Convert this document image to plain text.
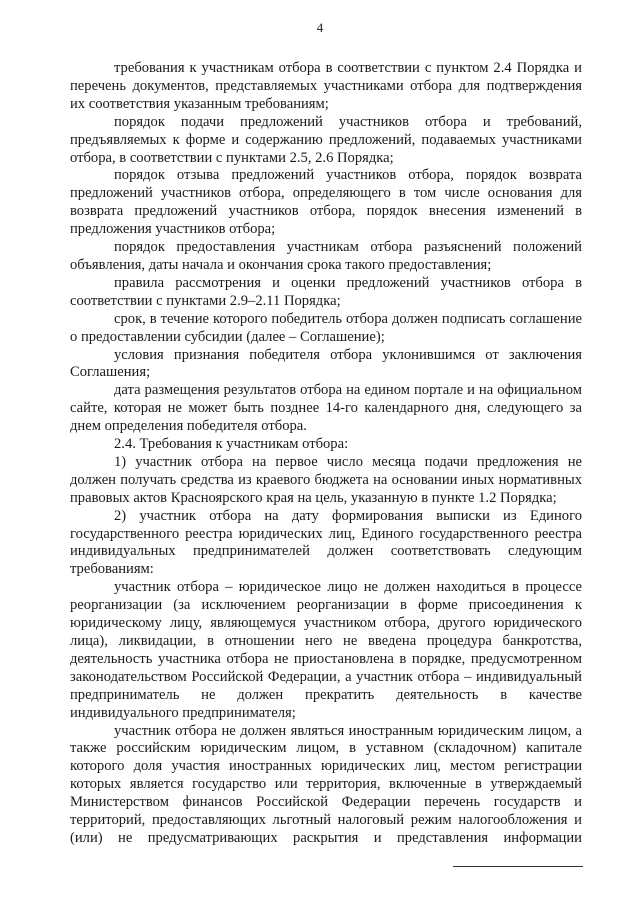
4

требования к участникам отбора в соответствии с пунктом 2.4 Порядка и перечень документов, представляемых участниками отбора для подтверждения их соответствия указанным требованиям;

порядок подачи предложений участников отбора и требований, предъявляемых к форме и содержанию предложений, подаваемых участниками отбора, в соответствии с пунктами 2.5, 2.6 Порядка;

порядок отзыва предложений участников отбора, порядок возврата предложений участников отбора, определяющего в том числе основания для возврата предложений участников отбора, порядок внесения изменений в предложения участников отбора;

порядок предоставления участникам отбора разъяснений положений объявления, даты начала и окончания срока такого предоставления;

правила рассмотрения и оценки предложений участников отбора в соответствии с пунктами 2.9–2.11 Порядка;

срок, в течение которого победитель отбора должен подписать соглашение о предоставлении субсидии (далее – Соглашение);

условия признания победителя отбора уклонившимся от заключения Соглашения;

дата размещения результатов отбора на едином портале и на официальном сайте, которая не может быть позднее 14-го календарного дня, следующего за днем определения победителя отбора.

2.4. Требования к участникам отбора:

1) участник отбора на первое число месяца подачи предложения не должен получать средства из краевого бюджета на основании иных нормативных правовых актов Красноярского края на цель, указанную в пункте 1.2 Порядка;

2) участник отбора на дату формирования выписки из Единого государственного реестра юридических лиц, Единого государственного реестра индивидуальных предпринимателей должен соответствовать следующим требованиям:

участник отбора – юридическое лицо не должен находиться в процессе реорганизации (за исключением реорганизации в форме присоединения к юридическому лицу, являющемуся участником отбора, другого юридического лица), ликвидации, в отношении него не введена процедура банкротства, деятельность участника отбора не приостановлена в порядке, предусмотренном законодательством Российской Федерации, а участник отбора – индивидуальный предприниматель не должен прекратить деятельность в качестве индивидуального предпринимателя;

участник отбора не должен являться иностранным юридическим лицом, а также российским юридическим лицом, в уставном (складочном) капитале которого доля участия иностранных юридических лиц, местом регистрации которых является государство или территория, включенные в утверждаемый Министерством финансов Российской Федерации перечень государств и территорий, предоставляющих льготный налоговый режим налогообложения и (или) не предусматривающих раскрытия и представления информации
